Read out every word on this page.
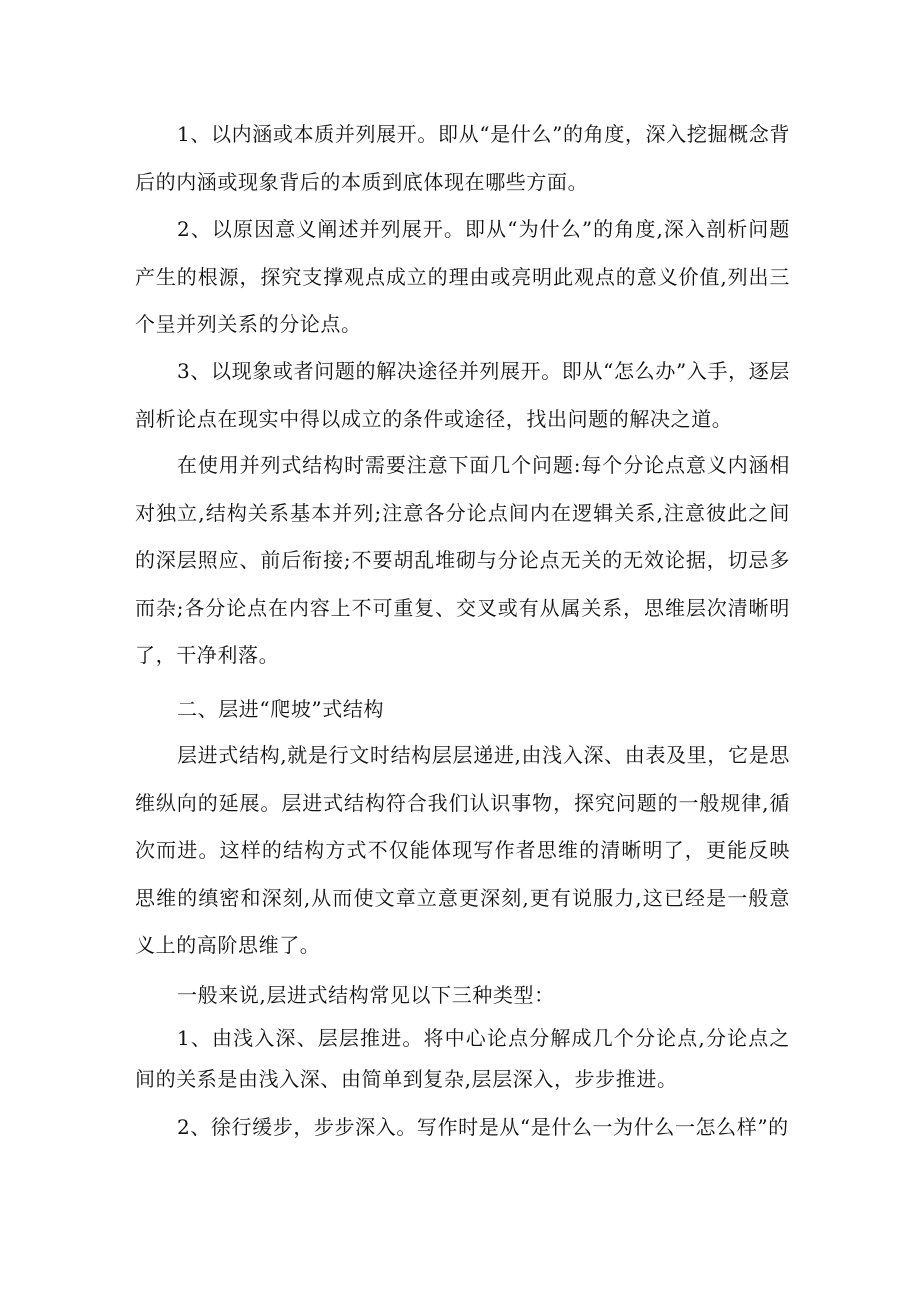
1、以内涵或本质并列展开。即从“是什么”的角度，深入挖掘概念背后的内涵或现象背后的本质到底体现在哪些方面。

2、以原因意义阐述并列展开。即从“为什么”的角度,深入剖析问题产生的根源，探究支撑观点成立的理由或亮明此观点的意义价值,列出三个呈并列关系的分论点。

3、以现象或者问题的解决途径并列展开。即从“怎么办”入手，逐层剖析论点在现实中得以成立的条件或途径，找出问题的解决之道。

在使用并列式结构时需要注意下面几个问题:每个分论点意义内涵相对独立,结构关系基本并列;注意各分论点间内在逻辑关系,注意彼此之间的深层照应、前后衔接;不要胡乱堆砌与分论点无关的无效论据，切忌多而杂;各分论点在内容上不可重复、交叉或有从属关系，思维层次清晰明了，干净利落。

二、层进“爬坡”式结构

层进式结构,就是行文时结构层层递进,由浅入深、由表及里，它是思维纵向的延展。层进式结构符合我们认识事物，探究问题的一般规律,循次而进。这样的结构方式不仅能体现写作者思维的清晰明了，更能反映思维的缜密和深刻,从而使文章立意更深刻,更有说服力,这已经是一般意义上的高阶思维了。

一般来说,层进式结构常见以下三种类型：

1、由浅入深、层层推进。将中心论点分解成几个分论点,分论点之间的关系是由浅入深、由简单到复杂,层层深入，步步推进。

2、徐行缓步，步步深入。写作时是从“是什么一为什么一怎么样”的
